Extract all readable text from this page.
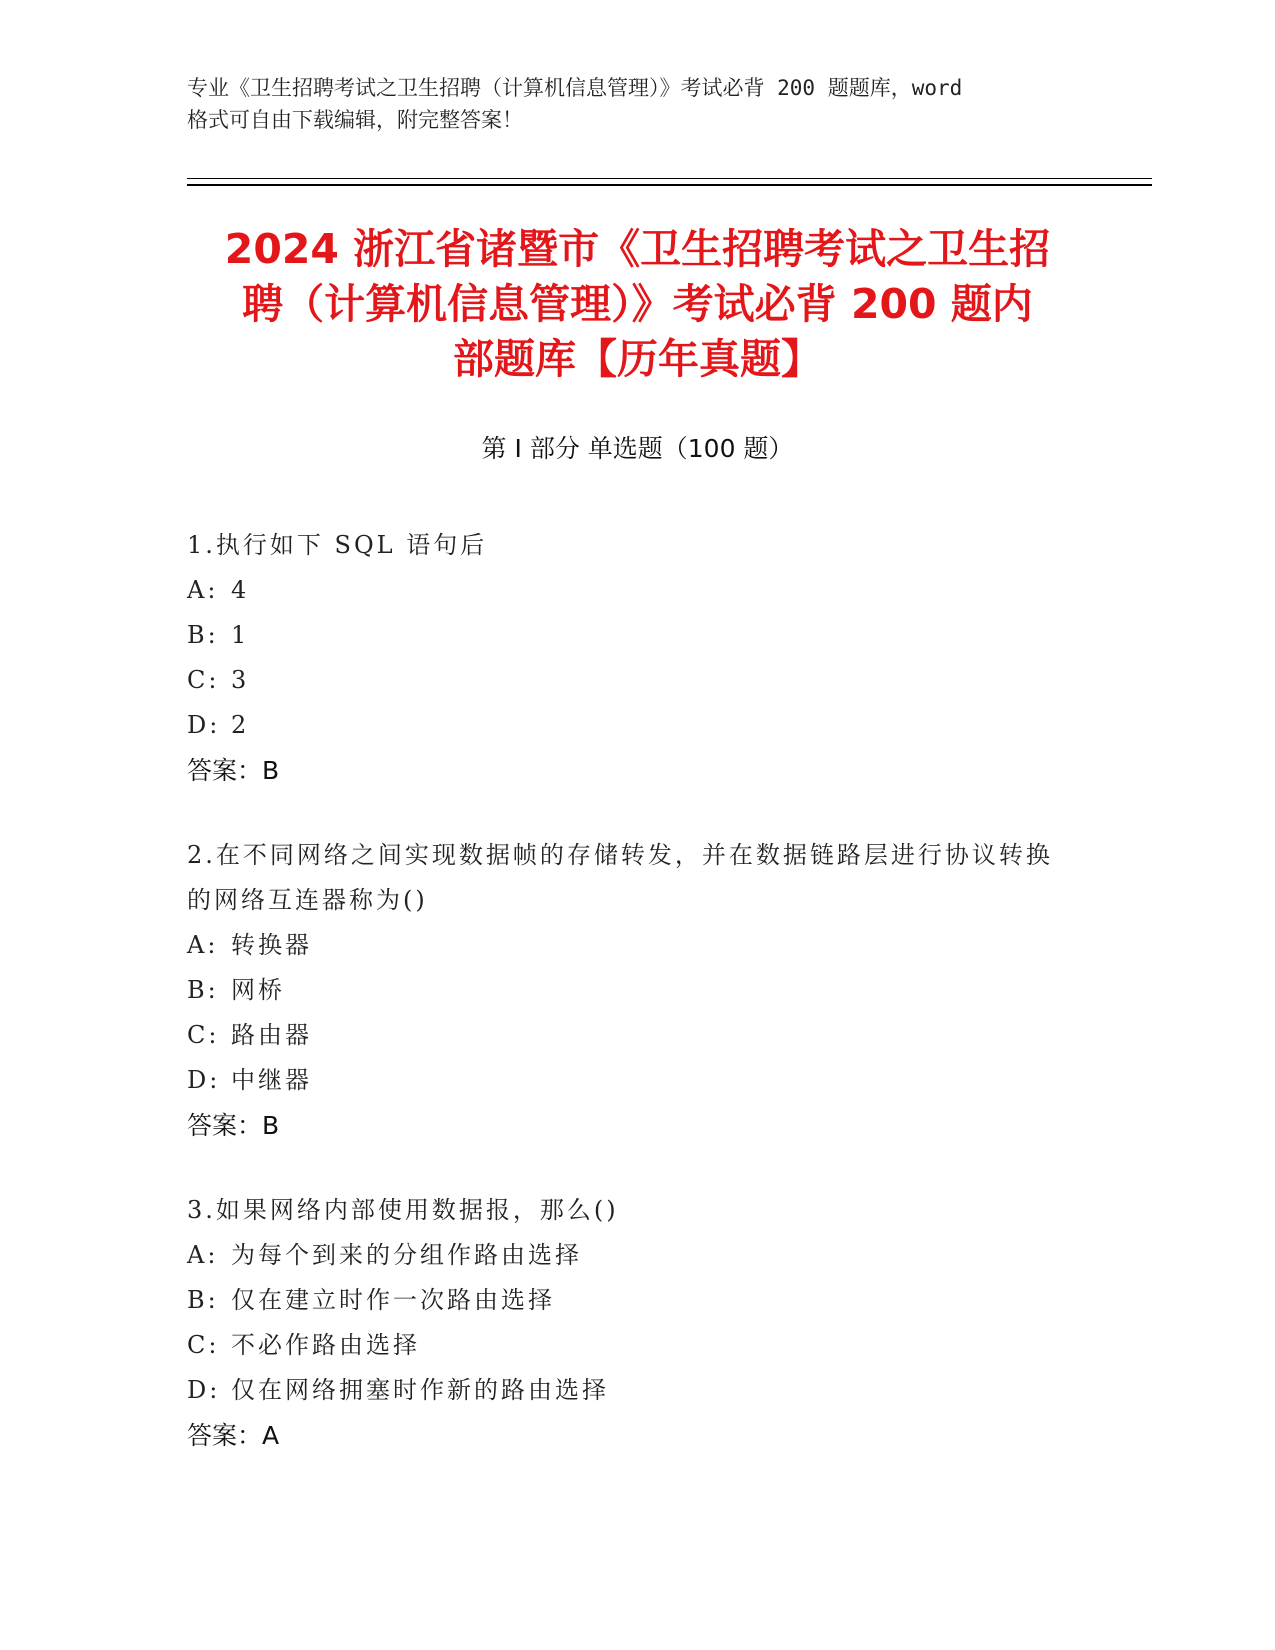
专业《卫生招聘考试之卫生招聘（计算机信息管理）》考试必背 200 题题库，word
格式可自由下载编辑，附完整答案！
2024 浙江省诸暨市《卫生招聘考试之卫生招
聘（计算机信息管理）》考试必背 200 题内
部题库【历年真题】
第 I 部分 单选题（100 题）
1.执行如下 SQL 语句后
A: 4
B: 1
C: 3
D: 2
答案：B
2.在不同网络之间实现数据帧的存储转发，并在数据链路层进行协议转换的网络互连器称为()
A: 转换器
B: 网桥
C: 路由器
D: 中继器
答案：B
3.如果网络内部使用数据报，那么()
A: 为每个到来的分组作路由选择
B: 仅在建立时作一次路由选择
C: 不必作路由选择
D: 仅在网络拥塞时作新的路由选择
答案：A
